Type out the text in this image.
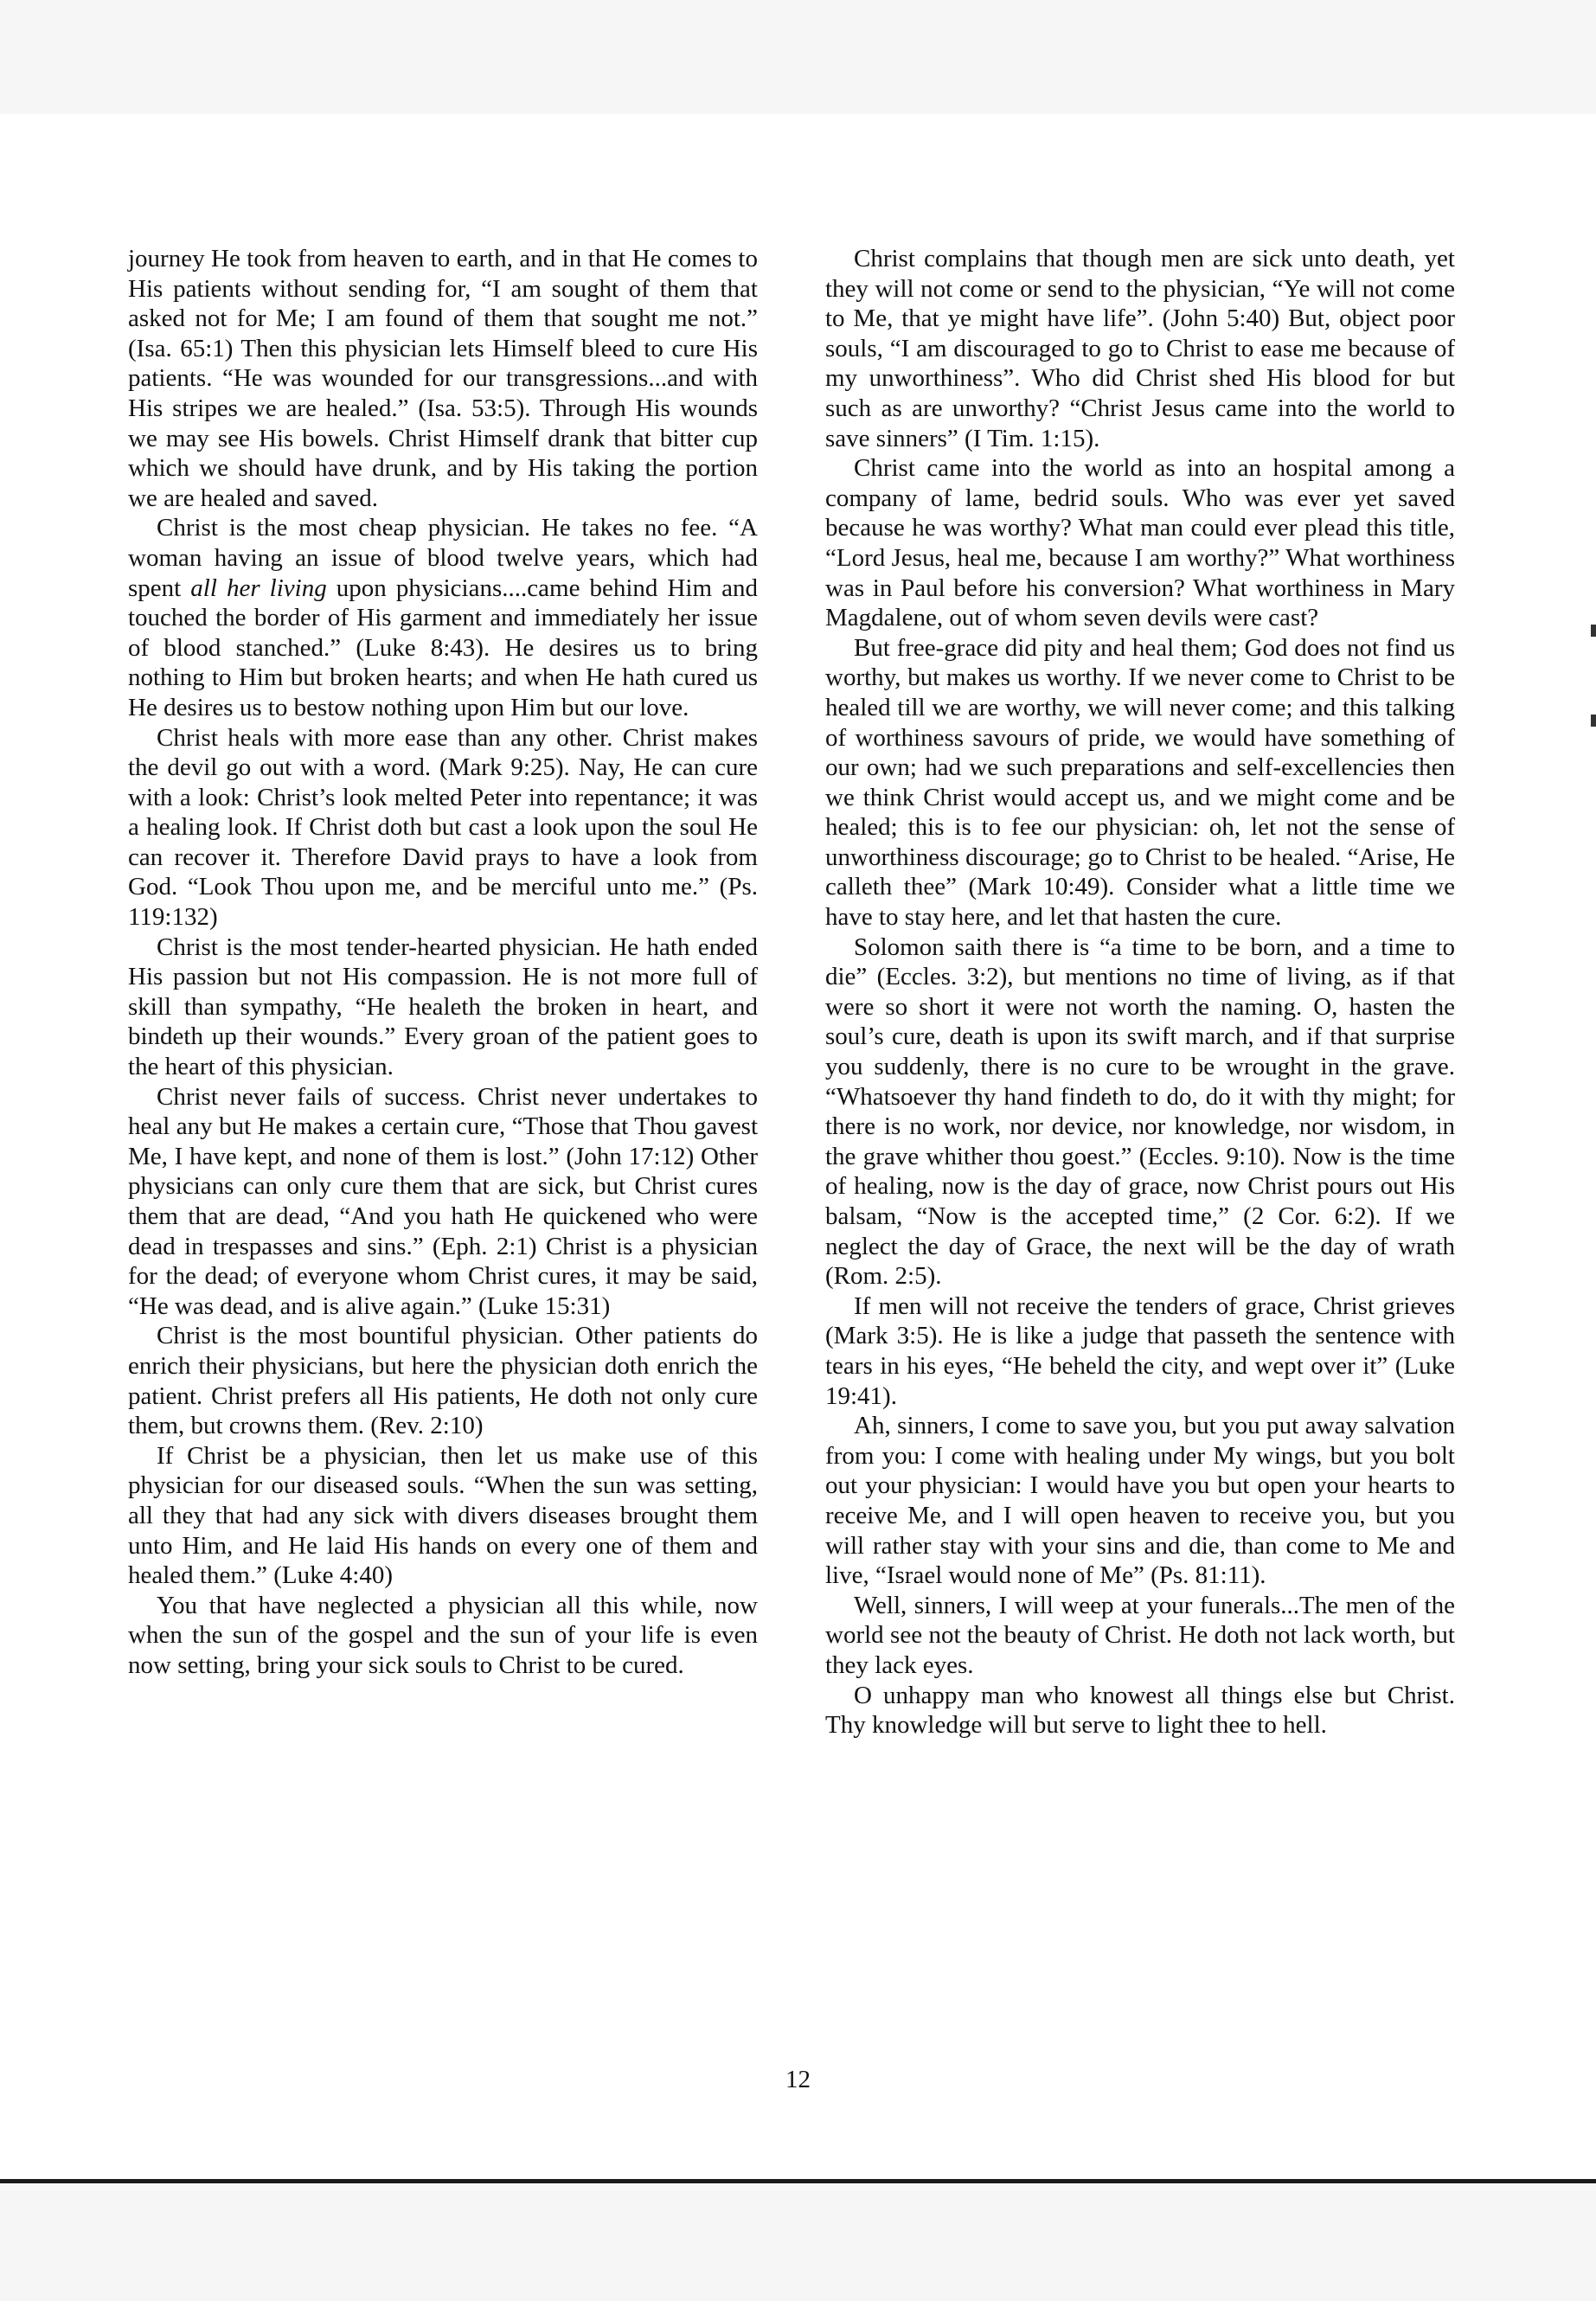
journey He took from heaven to earth, and in that He comes to His patients without sending for, “I am sought of them that asked not for Me; I am found of them that sought me not.” (Isa. 65:1) Then this physician lets Himself bleed to cure His patients. “He was wounded for our transgressions...and with His stripes we are healed.” (Isa. 53:5). Through His wounds we may see His bowels. Christ Himself drank that bitter cup which we should have drunk, and by His taking the portion we are healed and saved.

Christ is the most cheap physician. He takes no fee. “A woman having an issue of blood twelve years, which had spent all her living upon physicians....came behind Him and touched the border of His garment and immediately her issue of blood stanched.” (Luke 8:43). He desires us to bring nothing to Him but broken hearts; and when He hath cured us He desires us to bestow nothing upon Him but our love.

Christ heals with more ease than any other. Christ makes the devil go out with a word. (Mark 9:25). Nay, He can cure with a look: Christ’s look melted Peter into repentance; it was a healing look. If Christ doth but cast a look upon the soul He can recover it. Therefore David prays to have a look from God. “Look Thou upon me, and be merciful unto me.” (Ps. 119:132)

Christ is the most tender-hearted physician. He hath ended His passion but not His compassion. He is not more full of skill than sympathy, “He healeth the broken in heart, and bindeth up their wounds.” Every groan of the patient goes to the heart of this physician.

Christ never fails of success. Christ never undertakes to heal any but He makes a certain cure, “Those that Thou gavest Me, I have kept, and none of them is lost.” (John 17:12) Other physicians can only cure them that are sick, but Christ cures them that are dead, “And you hath He quickened who were dead in trespasses and sins.” (Eph. 2:1) Christ is a physician for the dead; of everyone whom Christ cures, it may be said, “He was dead, and is alive again.” (Luke 15:31)

Christ is the most bountiful physician. Other patients do enrich their physicians, but here the physician doth enrich the patient. Christ prefers all His patients, He doth not only cure them, but crowns them. (Rev. 2:10)

If Christ be a physician, then let us make use of this physician for our diseased souls. “When the sun was setting, all they that had any sick with divers diseases brought them unto Him, and He laid His hands on every one of them and healed them.” (Luke 4:40)

You that have neglected a physician all this while, now when the sun of the gospel and the sun of your life is even now setting, bring your sick souls to Christ to be cured.

Christ complains that though men are sick unto death, yet they will not come or send to the physician, “Ye will not come to Me, that ye might have life”. (John 5:40) But, object poor souls, “I am discouraged to go to Christ to ease me because of my unworthiness”. Who did Christ shed His blood for but such as are unworthy? “Christ Jesus came into the world to save sinners” (I Tim. 1:15).

Christ came into the world as into an hospital among a company of lame, bedrid souls. Who was ever yet saved because he was worthy? What man could ever plead this title, “Lord Jesus, heal me, because I am worthy?” What worthiness was in Paul before his conversion? What worthiness in Mary Magdalene, out of whom seven devils were cast?

But free-grace did pity and heal them; God does not find us worthy, but makes us worthy. If we never come to Christ to be healed till we are worthy, we will never come; and this talking of worthiness savours of pride, we would have something of our own; had we such preparations and self-excellencies then we think Christ would accept us, and we might come and be healed; this is to fee our physician: oh, let not the sense of unworthiness discourage; go to Christ to be healed. “Arise, He calleth thee” (Mark 10:49). Consider what a little time we have to stay here, and let that hasten the cure.

Solomon saith there is “a time to be born, and a time to die” (Eccles. 3:2), but mentions no time of living, as if that were so short it were not worth the naming. O, hasten the soul’s cure, death is upon its swift march, and if that surprise you suddenly, there is no cure to be wrought in the grave. “Whatsoever thy hand findeth to do, do it with thy might; for there is no work, nor device, nor knowledge, nor wisdom, in the grave whither thou goest.” (Eccles. 9:10). Now is the time of healing, now is the day of grace, now Christ pours out His balsam, “Now is the accepted time,” (2 Cor. 6:2). If we neglect the day of Grace, the next will be the day of wrath (Rom. 2:5).

If men will not receive the tenders of grace, Christ grieves (Mark 3:5). He is like a judge that passeth the sentence with tears in his eyes, “He beheld the city, and wept over it” (Luke 19:41).

Ah, sinners, I come to save you, but you put away salvation from you: I come with healing under My wings, but you bolt out your physician: I would have you but open your hearts to receive Me, and I will open heaven to receive you, but you will rather stay with your sins and die, than come to Me and live, “Israel would none of Me” (Ps. 81:11).

Well, sinners, I will weep at your funerals...The men of the world see not the beauty of Christ. He doth not lack worth, but they lack eyes.

O unhappy man who knowest all things else but Christ. Thy knowledge will but serve to light thee to hell.

12
